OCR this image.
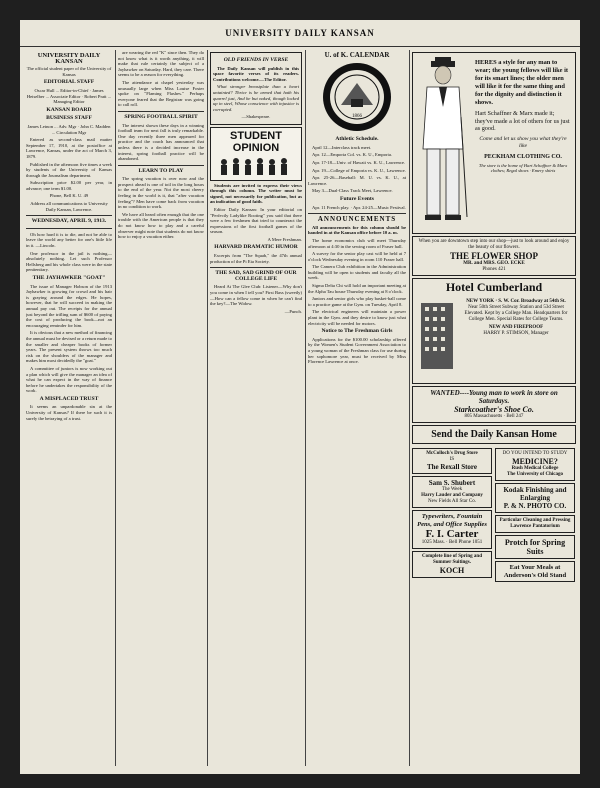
UNIVERSITY DAILY KANSAN
UNIVERSITY DAILY KANSAN

The official student paper of the University of Kansas

EDITORIAL STAFF

Oscar Hull ... Editor-in-Chief · James Heiselber ... Associate Editor · Robert Pratt ... Managing Editor

KANSAN BOARD
BUSINESS STAFF

James Leinon ... Adv. Mgr · John C. Madden ... Circulation Mgr

Entered as second-class mail matter September 17, 1910, at the postoffice at Lawrence, Kansas, under the act of March 3, 1879.

Published in the afternoon five times a week by students of the University of Kansas through the Journalism department.

Subscription price $2.00 per year, in advance; one term $1.00.

Phone, Bell K. U. 49

Address all communications to University Daily Kansan, Lawrence.

WEDNESDAY, APRIL 9, 1913.

Oh how hard it is to die, and not be able to leave the world any better for one's little life in it. —Lincoln.

One professor in the jail is nothing—absolutely nothing. Let such Professor Hellsberg and his whole class were in the state penitentiary.

THE JAYHAWKER "GOAT"

The issue of Manager Hobson of the 1913 Jayhawker is growing for crowd and his hair is graying around the edges. He hopes, however, that he will succeed in making the annual pay out. The receipts for the annual just beyond the trifling sum of $600 of paying the cost of producing the book—not an encouraging reminder for him.

It is obvious that a new method of financing the annual must be devised or a return made to the smaller and cheaper books of former years. The present system throws too much risk on the shoulders of the manager and makes him most decidedly the "goat."

A committee of juniors is now working out a plan which will give the manager an idea of what he can expect in the way of finance before he undertakes the responsibility of the work.

A MISPLACED TRUST

It seems an unpardonable sin at the University of Kansas? If there be such it is surely the betraying of a trust.

are wearing the red "K" since then. They do not know what is it worth anything, it will make that rule certainly the subject of a Jayhawker on Saturday. Hard, they care. There seems to be a reason for everything.

The attendance at chapel yesterday was unusually large when Miss Louise Foster spoke on "Flaming Flashes." Perhaps everyone feared that the Registrar was going to call roll.

SPRING FOOTBALL SPIRIT

The interest shown these days in a winning football team for next fall is truly remarkable. One day recently three men appeared for practice and the coach has announced that unless there is a decided increase in the interest, spring football practice will be abandoned.

LEARN TO PLAY

The spring vacation is over now and the prospect ahead is one of toil in the long hours to the end of the year. Not the most cheery feeling in the world is it, that "after vacation feeling"? Men have come back from vacation in no condition to work.

We have all heard often enough that the one trouble with the American people is that they do not know how to play and a careful observer might note that students do not know how to enjoy a vacation either.

OLD FRIENDS IN VERSE

The Daily Kansan will publish in this space favorite verses of its readers. Contributions welcome.—The Editor.

What stronger breastplate than a heart untainted? Thrice is he armed that hath his quarrel just, And he but naked, though locked up in steel, Whose conscience with injustice is corrupted.

—Shakespeare.

STUDENT
OPINION

Students are invited to express their views through this column. The writer must be signed, not necessarily for publication, but as an indication of good faith.

Editor Daily Kansan: In your editorial on "Perfectly Ladylike Rooting" you said that there were a few freshmen that tried to counteract the expressions of the first football games of the season.

A Mere Freshman.

HARVARD DRAMATIC HUMOR

Excerpts from "The Squab," the 47th annual production of the Pi Eta Society.

THE SAD, SAD GRIND OF OUR COLLEGE LIFE

Heard At The Glee Club: Listener—Why don't you come in when I tell you? First Bass (sweetly)—How can a fellow come in when he can't find the key?—The Widow.

—Punch.

U. of K. CALENDAR
1866
Athletic Schedule.

April 12—Interclass track meet.

Apr. 12—Emporia Col. vs. K. U., Emporia.

Apr. 17-18—Univ. of Hawaii vs. K. U., Lawrence.

Apr. 19—College of Emporia vs. K. U., Lawrence.

Apr. 25-26—Baseball: M. U. vs. K. U., at Lawrence.

May 3—Dual-Class Track Meet, Lawrence.

Future Events

Apr. 11 French play. · Apr. 24-25—Music Festival.

ANNOUNCEMENTS

All announcements for this column should be handed in at the Kansan office before 10 a. m.

The home economics club will meet Thursday afternoon at 4:30 in the sewing room of Fraser hall.

A survey for the senior play cast will be held at 7 o'clock Wednesday evening in room 110 Fraser hall.

The Camera Club exhibition in the Administration building will be open to students and faculty all the week.

Sigma Delta Chi will hold an important meeting at the Alpha Tau house Thursday evening at 8 o'clock.

Juniors and senior girls who play basket-ball come to a practice game at the Gym. on Tuesday, April 8.

The electrical engineers will maintain a power plant in the Gym. and they desire to know just what electricity will be needed for motors.

Notice to The Freshman Girls

Applications for the $100.00 scholarship offered by the Women's Student Government Association to a young woman of the Freshman class for use during her sophomore year, must be received by Miss Florence Lawrence at once.

HERES a style for any man to wear; the young fellows will like it for its smart lines; the older men will like it for the same thing and for the dignity and distinction it shows.
Hart Schaffner & Marx made it; they've made a lot of others for us just as good.
Come and let us show you what they're like
PECKHAM CLOTHING CO.
The store is the home of Hart Schaffner & Marx clothes; Regal shoes · Emery shirts
When you are downtown step into our shop—just to look around and enjoy the beauty of our flowers.
THE FLOWER SHOP
MR. and MRS. GEO. ECKE
Phones 421
Hotel Cumberland
NEW YORK · S. W. Cor. Broadway at 54th St.
Near 50th Street Subway Station and 53d Street Elevated. Kept by a College Man. Headquarters for College Men. Special Rates for College Teams.
NEW AND FIREPROOF
HARRY P. STIMSON, Manager
WANTED----Young man to work in store on Saturdays.
Starkcoather's Shoe Co.
805 Massachusetts · Bell 247
Send the Daily Kansan Home
McColloch's Drug Store
IS
The Rexall Store
Sam S. Shubert
The Week
Harry Lauder and Company
New Fields All Star Co.
Typewriters, Fountain Pens, and Office Supplies
F. I. Carter
1025 Mass. · Bell Phone 1051
Complete line of Spring and Summer Suitings.
KOCH
DO YOU INTEND TO STUDY
MEDICINE?
Rush Medical College
The University of Chicago
Kodak Finishing and Enlarging
P. & N. PHOTO CO.
Particular Cleaning and Pressing
Lawrence Pantatorium
Protch for Spring Suits
Eat Your Meals at Anderson's Old Stand
